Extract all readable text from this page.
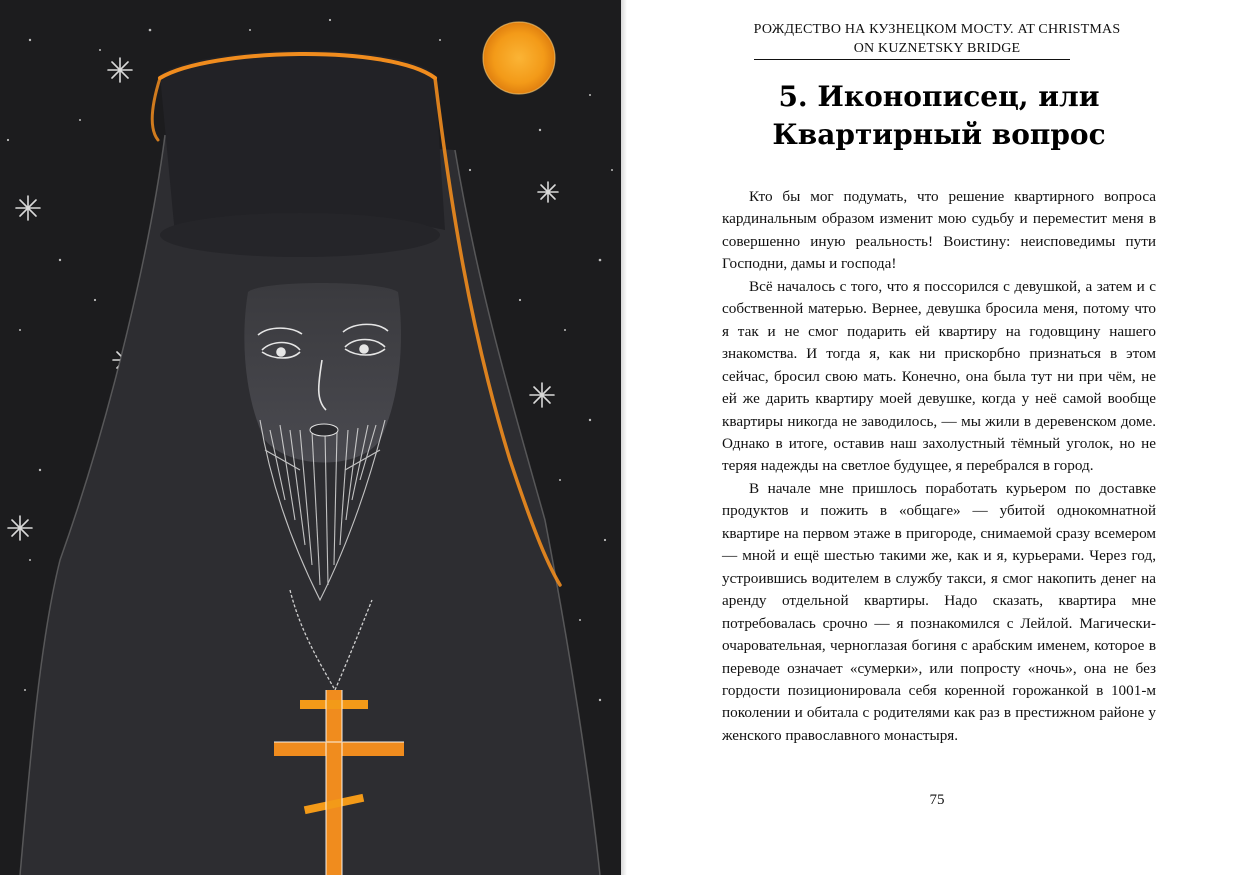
РОЖДЕСТВО НА КУЗНЕЦКОМ МОСТУ. AT CHRISTMAS ON KUZNETSKY BRIDGE
5. Иконописец, или
Квартирный вопрос

Кто бы мог подумать, что решение квартирного вопроса кардинальным образом изменит мою судьбу и переместит меня в совершенно иную реальность! Воистину: неисповедимы пути Господни, дамы и господа!

Всё началось с того, что я поссорился с девушкой, а затем и с собственной матерью. Вернее, девушка бросила меня, потому что я так и не смог подарить ей квартиру на годовщину нашего знакомства. И тогда я, как ни прискорбно признаться в этом сейчас, бросил свою мать. Конечно, она была тут ни при чём, не ей же дарить квартиру моей девушке, когда у неё самой вообще квартиры никогда не заводилось, — мы жили в деревенском доме. Однако в итоге, оставив наш захолустный тёмный уголок, но не теряя надежды на светлое будущее, я перебрался в город.

В начале мне пришлось поработать курьером по доставке продуктов и пожить в «общаге» — убитой однокомнатной квартире на первом этаже в пригороде, снимаемой сразу всемером — мной и ещё шестью такими же, как и я, курьерами. Через год, устроившись водителем в службу такси, я смог накопить денег на аренду отдельной квартиры. Надо сказать, квартира мне потребовалась срочно — я познакомился с Лейлой. Магически-очаровательная, черноглазая богиня с арабским именем, которое в переводе означает «сумерки», или попросту «ночь», она не без гордости позиционировала себя коренной горожанкой в 1001-м поколении и обитала с родителями как раз в престижном районе у женского православного монастыря.

75
